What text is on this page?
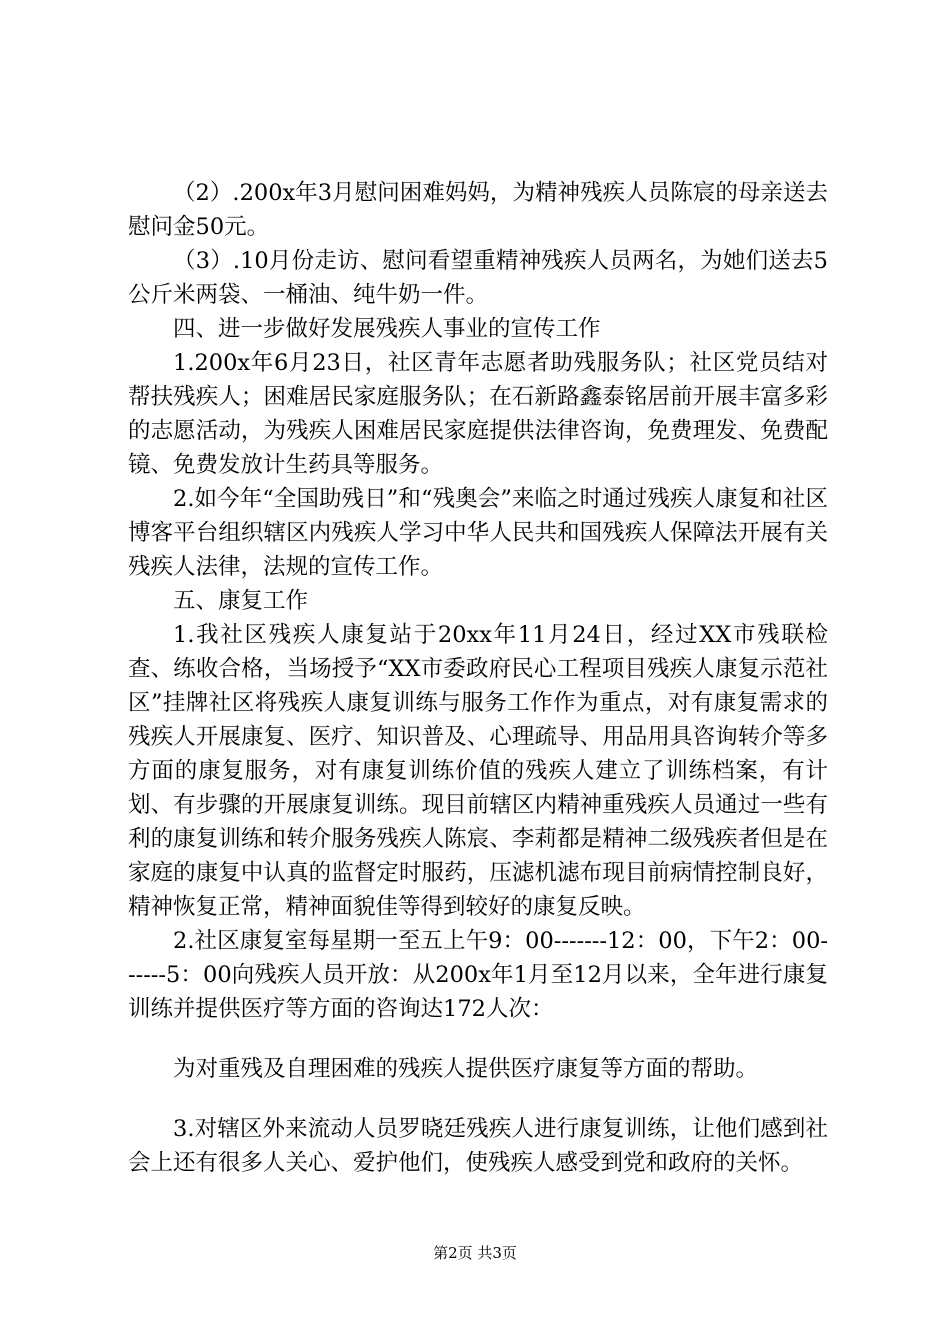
（2）.200x年3月慰问困难妈妈，为精神残疾人员陈宸的母亲送去慰问金50元。

（3）.10月份走访、慰问看望重精神残疾人员两名，为她们送去5公斤米两袋、一桶油、纯牛奶一件。

四、进一步做好发展残疾人事业的宣传工作

1.200x年6月23日，社区青年志愿者助残服务队；社区党员结对帮扶残疾人；困难居民家庭服务队；在石新路鑫泰铭居前开展丰富多彩的志愿活动，为残疾人困难居民家庭提供法律咨询，免费理发、免费配镜、免费发放计生药具等服务。

2.如今年“全国助残日”和“残奥会”来临之时通过残疾人康复和社区博客平台组织辖区内残疾人学习中华人民共和国残疾人保障法开展有关残疾人法律，法规的宣传工作。

五、康复工作

1.我社区残疾人康复站于20xx年11月24日，经过XX市残联检查、练收合格，当场授予“XX市委政府民心工程项目残疾人康复示范社区”挂牌社区将残疾人康复训练与服务工作作为重点，对有康复需求的残疾人开展康复、医疗、知识普及、心理疏导、用品用具咨询转介等多方面的康复服务，对有康复训练价值的残疾人建立了训练档案，有计划、有步骤的开展康复训练。现目前辖区内精神重残疾人员通过一些有利的康复训练和转介服务残疾人陈宸、李莉都是精神二级残疾者但是在家庭的康复中认真的监督定时服药，压滤机滤布现目前病情控制良好，精神恢复正常，精神面貌佳等得到较好的康复反映。

2.社区康复室每星期一至五上午9：00-------12：00，下午2：00------5：00向残疾人员开放：从200x年1月至12月以来，全年进行康复训练并提供医疗等方面的咨询达172人次：

为对重残及自理困难的残疾人提供医疗康复等方面的帮助。

3.对辖区外来流动人员罗晓廷残疾人进行康复训练，让他们感到社会上还有很多人关心、爱护他们，使残疾人感受到党和政府的关怀。

第2页 共3页
